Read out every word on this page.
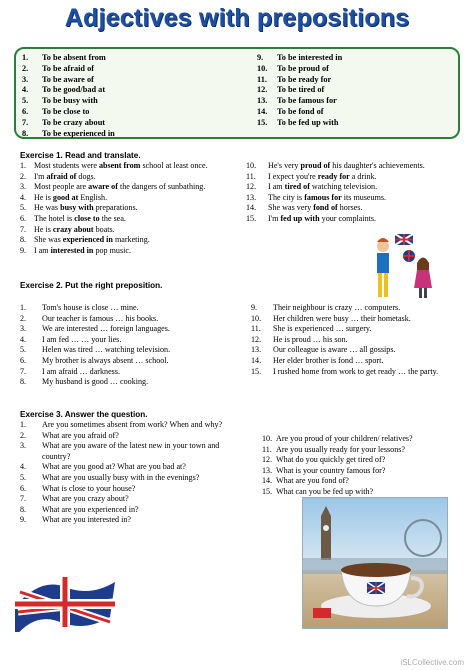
Adjectives with prepositions
1. To be absent from
2. To be afraid of
3. To be aware of
4. To be good/bad at
5. To be busy with
6. To be close to
7. To be crazy about
8. To be experienced in
9. To be interested in
10. To be proud of
11. To be ready for
12. To be tired of
13. To be famous for
14. To be fond of
15. To be fed up with
Exercise 1. Read and translate.
1. Most students were absent from school at least once.
2. I'm afraid of dogs.
3. Most people are aware of the dangers of sunbathing.
4. He is good at English.
5. He was busy with preparations.
6. The hotel is close to the sea.
7. He is crazy about boats.
8. She was experienced in marketing.
9. I am interested in pop music.
10. He's very proud of his daughter's achievements.
11. I expect you're ready for a drink.
12. I am tired of watching television.
13. The city is famous for its museums.
14. She was very fond of horses.
15. I'm fed up with your complaints.
Exercise 2. Put the right preposition.
1. Tom's house is close … mine.
2. Our teacher is famous … his books.
3. We are interested … foreign languages.
4. I am fed … … your lies.
5. Helen was tired … watching television.
6. My brother is always absent … school.
7. I am afraid … darkness.
8. My husband is good … cooking.
9. Their neighbour is crazy … computers.
10. Her children were busy … their hometask.
11. She is experienced … surgery.
12. He is proud … his son.
13. Our colleague is aware … all gossips.
14. Her elder brother is fond … sport.
15. I rushed home from work to get ready … the party.
Exercise 3. Answer the question.
1. Are you sometimes absent from work? When and why?
2. What are you afraid of?
3. What are you aware of the latest new in your town and country?
4. What are you good at? What are you bad at?
5. What are you usually busy with in the evenings?
6. What is close to your house?
7. What are you crazy about?
8. What are you experienced in?
9. What are you interested in?
10. Are you proud of your children/ relatives?
11. Are you usually ready for your lessons?
12. What do you quickly get tired of?
13. What is your country famous for?
14. What are you fond of?
15. What can you be fed up with?
iSLCollective.com
